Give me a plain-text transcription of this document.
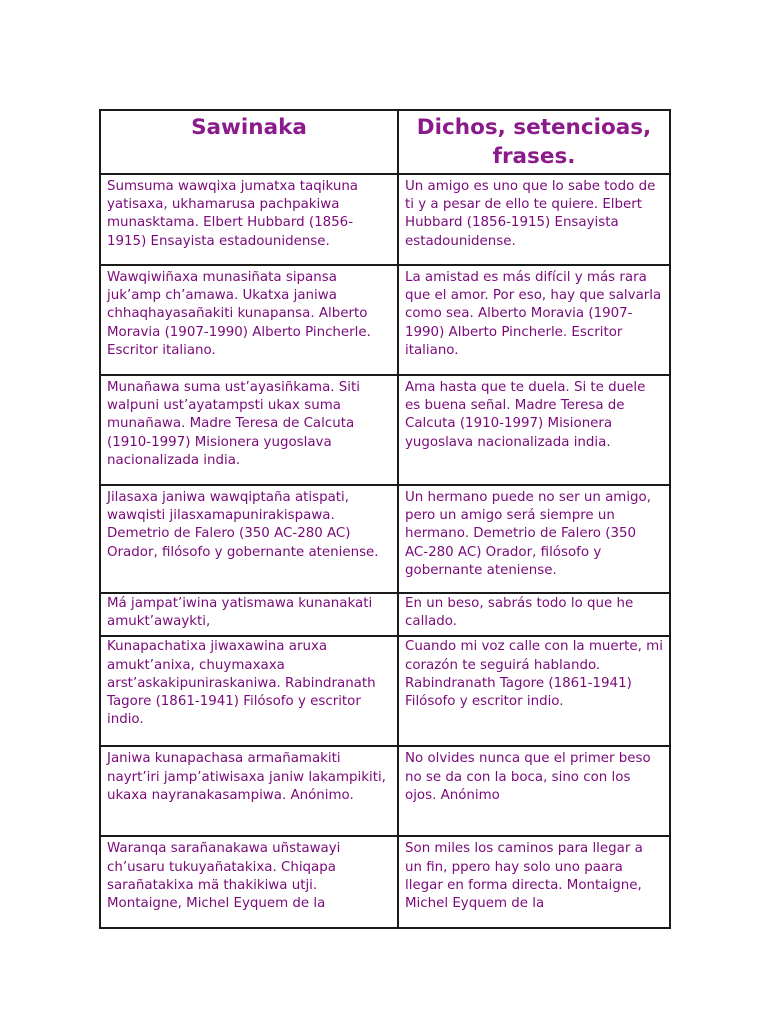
Sawinaka	Dichos, setencioas, frases.
Sumsuma wawqixa jumatxa taqikuna yatisaxa, ukhamarusa pachpakiwa munasktama. Elbert Hubbard (1856-1915) Ensayista estadounidense.	Un amigo es uno que lo sabe todo de ti y a pesar de ello te quiere. Elbert Hubbard (1856-1915) Ensayista estadounidense.
Wawqiwiñaxa munasiñata sipansa juk’amp ch’amawa. Ukatxa janiwa chhaqhayasañakiti kunapansa. Alberto Moravia (1907-1990) Alberto Pincherle. Escritor italiano.	La amistad es más difícil y más rara que el amor. Por eso, hay que salvarla como sea. Alberto Moravia (1907-1990) Alberto Pincherle. Escritor italiano.
Munañawa suma ust’ayasiñkama. Siti walpuni ust’ayatampsti ukax suma munañawa. Madre Teresa de Calcuta (1910-1997) Misionera yugoslava nacionalizada india.	Ama hasta que te duela. Si te duele es buena señal. Madre Teresa de Calcuta (1910-1997) Misionera yugoslava nacionalizada india.
Jilasaxa janiwa wawqiptaña atispati, wawqisti jilasxamapunirakispawa. Demetrio de Falero (350 AC-280 AC) Orador, filósofo y gobernante ateniense.	Un hermano puede no ser un amigo, pero un amigo será siempre un hermano. Demetrio de Falero (350 AC-280 AC) Orador, filósofo y gobernante ateniense.
Má jampat’iwina yatismawa kunanakati amukt’awaykti,	En un beso, sabrás todo lo que he callado.
Kunapachatixa jiwaxawina aruxa amukt’anixa, chuymaxaxa arst’askakipuniraskaniwa. Rabindranath Tagore (1861-1941) Filósofo y escritor indio.	Cuando mi voz calle con la muerte, mi corazón te seguirá hablando. Rabindranath Tagore (1861-1941) Filósofo y escritor indio.
Janiwa kunapachasa armañamakiti nayrt’iri jamp’atiwisaxa janiw lakampikiti, ukaxa nayranakasampiwa. Anónimo.	No olvides nunca que el primer beso no se da con la boca, sino con los ojos. Anónimo
Waranqa sarañanakawa uñstawayi ch’usaru tukuyañatakixa. Chiqapa sarañatakixa mä thakikiwa utji. Montaigne, Michel Eyquem de la	Son miles los caminos para llegar a un fin, ppero hay solo uno paara llegar en forma directa. Montaigne, Michel Eyquem de la
